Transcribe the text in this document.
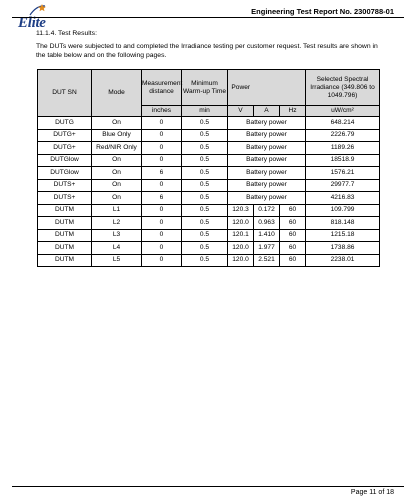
Elite
Engineering Test Report No. 2300788-01
11.1.4. Test Results:
The DUTs were subjected to and completed the Irradiance testing per customer request. Test results are shown in the table below and on the following pages.
DUT SN	Mode	Measurement distance	Minimum Warm-up Time	Power			Selected Spectral Irradiance (349.806 to 1049.796)
		inches	min	V	A	Hz	uW/cm²
DUTG	On	0	0.5	Battery power			648.214
DUTG+	Blue Only	0	0.5	Battery power			2226.79
DUTG+	Red/NIR Only	0	0.5	Battery power			1189.26
DUTGlow	On	0	0.5	Battery power			18518.9
DUTGlow	On	6	0.5	Battery power			1576.21
DUTS+	On	0	0.5	Battery power			29977.7
DUTS+	On	6	0.5	Battery power			4216.83
DUTM	L1	0	0.5	120.3	0.172	60	109.799
DUTM	L2	0	0.5	120.0	0.963	60	818.148
DUTM	L3	0	0.5	120.1	1.410	60	1215.18
DUTM	L4	0	0.5	120.0	1.977	60	1738.86
DUTM	L5	0	0.5	120.0	2.521	60	2238.01
Page 11 of 18
